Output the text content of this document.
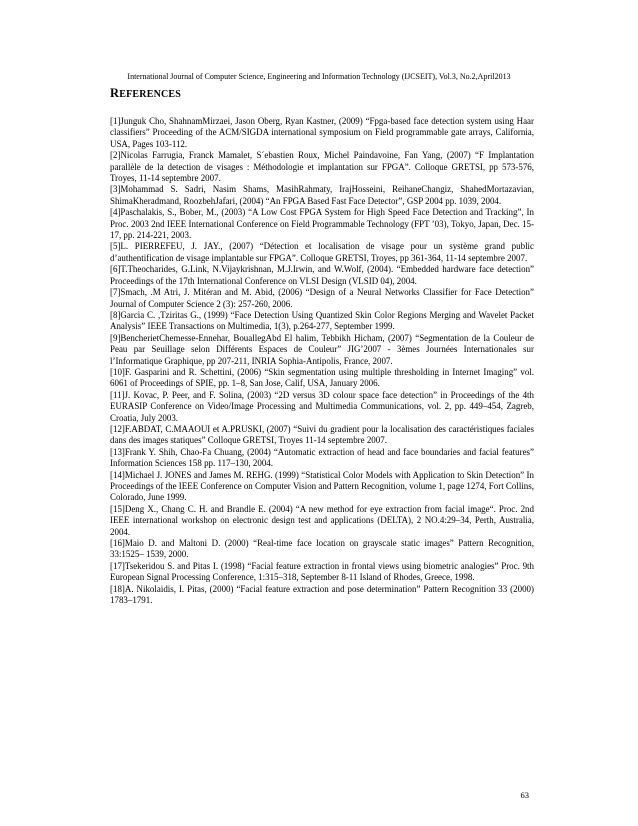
International Journal of Computer Science, Engineering and Information Technology (IJCSEIT), Vol.3, No.2,April2013
REFERENCES

[1]Junguk Cho, ShahnamMirzaei, Jason Oberg, Ryan Kastner, (2009) “Fpga-based face detection system using Haar classifiers” Proceeding of the ACM/SIGDA international symposium on Field programmable gate arrays, California, USA, Pages 103-112.

[2]Nicolas Farrugia, Franck Mamalet, S´ebastien Roux, Michel Paindavoine, Fan Yang, (2007) “F Implantation parallèle de la detection de visages : Méthodologie et implantation sur FPGA”. Colloque GRETSI, pp 573-576, Troyes, 11-14 septembre 2007.

[3]Mohammad S. Sadri, Nasim Shams, MasihRahmaty, IrajHosseini, ReihaneChangiz, ShahedMortazavian, ShimaKheradmand, RoozbehJafari, (2004) “An FPGA Based Fast Face Detector”, GSP 2004 pp. 1039, 2004.

[4]Paschalakis, S., Bober, M., (2003) “A Low Cost FPGA System for High Speed Face Detection and Tracking”, In Proc. 2003 2nd IEEE International Conference on Field Programmable Technology (FPT ’03), Tokyo, Japan, Dec. 15-17, pp. 214-221, 2003.

[5]L. PIERREFEU, J. JAY., (2007) “Détection et localisation de visage pour un système grand public d’authentification de visage implantable sur FPGA”. Colloque GRETSI, Troyes, pp 361-364, 11-14 septembre 2007.

[6]T.Theocharides, G.Link, N.Vijaykrishnan, M.J.Irwin, and W.Wolf, (2004). “Embedded hardware face detection” Proceedings of the 17th International Conference on VLSI Design (VLSID 04), 2004.

[7]Smach, .M Atri, J. Mitéran and M. Abid, (2006) “Design of a Neural Networks Classifier for Face Detection” Journal of Computer Science 2 (3): 257-260, 2006.

[8]Garcia C. ,Tziritas G., (1999) “Face Detection Using Quantized Skin Color Regions Merging and Wavelet Packet Analysis” IEEE Transactions on Multimedia, 1(3), p.264-277, September 1999.

[9]BencherietChemesse-Ennehar, BouallegAbd El halim, Tebbikh Hicham, (2007) “Segmentation de la Couleur de Peau par Seuillage selon Différents Espaces de Couleur” JIG’2007 - 3èmes Journées Internationales sur l’Informatique Graphique, pp 207-211, INRIA Sophia-Antipolis, France, 2007.

[10]F. Gasparini and R. Schettini, (2006) “Skin segmentation using multiple thresholding in Internet Imaging” vol. 6061 of Proceedings of SPIE, pp. 1–8, San Jose, Calif, USA, January 2006.

[11]J. Kovac, P. Peer, and F. Solina, (2003) “2D versus 3D colour space face detection” in Proceedings of the 4th EURASIP Conference on Video/Image Processing and Multimedia Communications, vol. 2, pp. 449–454, Zagreb, Croatia, July 2003.

[12]F.ABDAT, C.MAAOUI et A.PRUSKI, (2007) “Suivi du gradient pour la localisation des caractéristiques faciales dans des images statiques” Colloque GRETSI, Troyes 11-14 septembre 2007.

[13]Frank Y. Shih, Chao-Fa Chuang, (2004) “Automatic extraction of head and face boundaries and facial features” Information Sciences 158 pp. 117–130, 2004.

[14]Michael J. JONES and James M. REHG. (1999) “Statistical Color Models with Application to Skin Detection” In Proceedings of the IEEE Conference on Computer Vision and Pattern Recognition, volume 1, page 1274, Fort Collins, Colorado, June 1999.

[15]Deng X., Chang C. H. and Brandle E. (2004) “A new method for eye extraction from facial image“. Proc. 2nd IEEE international workshop on electronic design test and applications (DELTA), 2 NO.4:29–34, Perth, Australia, 2004.

[16]Maio D. and Maltoni D. (2000) “Real-time face location on grayscale static images” Pattern Recognition, 33:1525– 1539, 2000.

[17]Tsekeridou S. and Pitas I. (1998) “Facial feature extraction in frontal views using biometric analogies” Proc. 9th European Signal Processing Conference, 1:315–318, September 8-11 Island of Rhodes, Greece, 1998.

[18]A. Nikolaidis, I. Pitas, (2000) “Facial feature extraction and pose determination” Pattern Recognition 33 (2000) 1783–1791.

63
